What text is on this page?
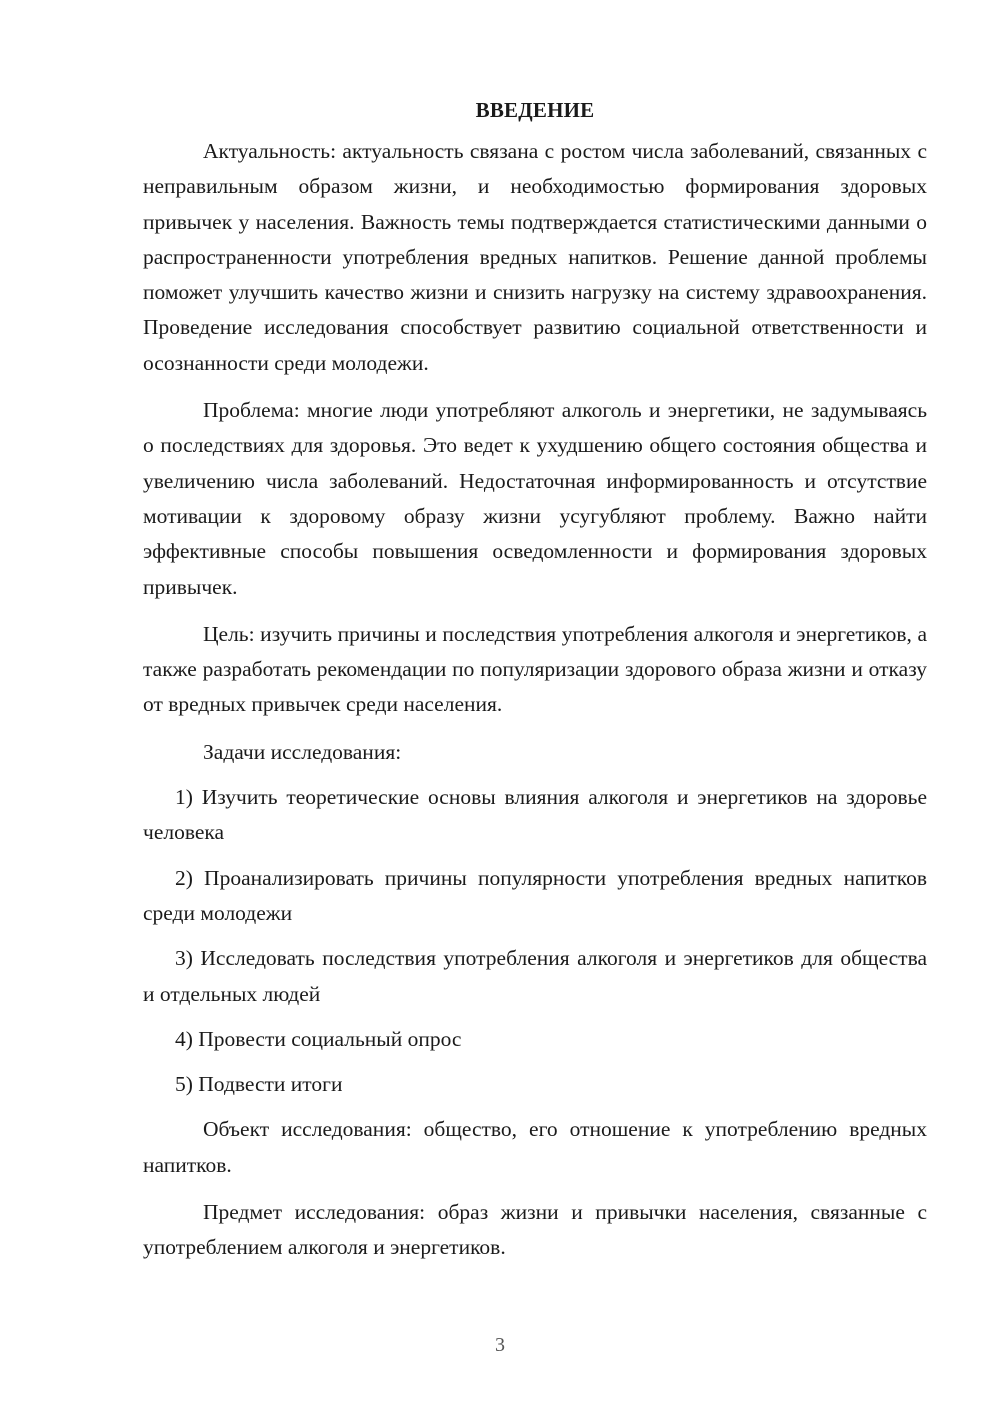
ВВЕДЕНИЕ

Актуальность: актуальность связана с ростом числа заболеваний, связанных с неправильным образом жизни, и необходимостью формирования здоровых привычек у населения. Важность темы подтверждается статистическими данными о распространенности употребления вредных напитков. Решение данной проблемы поможет улучшить качество жизни и снизить нагрузку на систему здравоохранения. Проведение исследования способствует развитию социальной ответственности и осознанности среди молодежи.

Проблема: многие люди употребляют алкоголь и энергетики, не задумываясь о последствиях для здоровья. Это ведет к ухудшению общего состояния общества и увеличению числа заболеваний. Недостаточная информированность и отсутствие мотивации к здоровому образу жизни усугубляют проблему. Важно найти эффективные способы повышения осведомленности и формирования здоровых привычек.

Цель: изучить причины и последствия употребления алкоголя и энергетиков, а также разработать рекомендации по популяризации здорового образа жизни и отказу от вредных привычек среди населения.

Задачи исследования:

1) Изучить теоретические основы влияния алкоголя и энергетиков на здоровье человека

2) Проанализировать причины популярности употребления вредных напитков среди молодежи

3) Исследовать последствия употребления алкоголя и энергетиков для общества и отдельных людей

4) Провести социальный опрос

5) Подвести итоги

Объект исследования: общество, его отношение к употреблению вредных напитков.

Предмет исследования: образ жизни и привычки населения, связанные с употреблением алкоголя и энергетиков.

3
